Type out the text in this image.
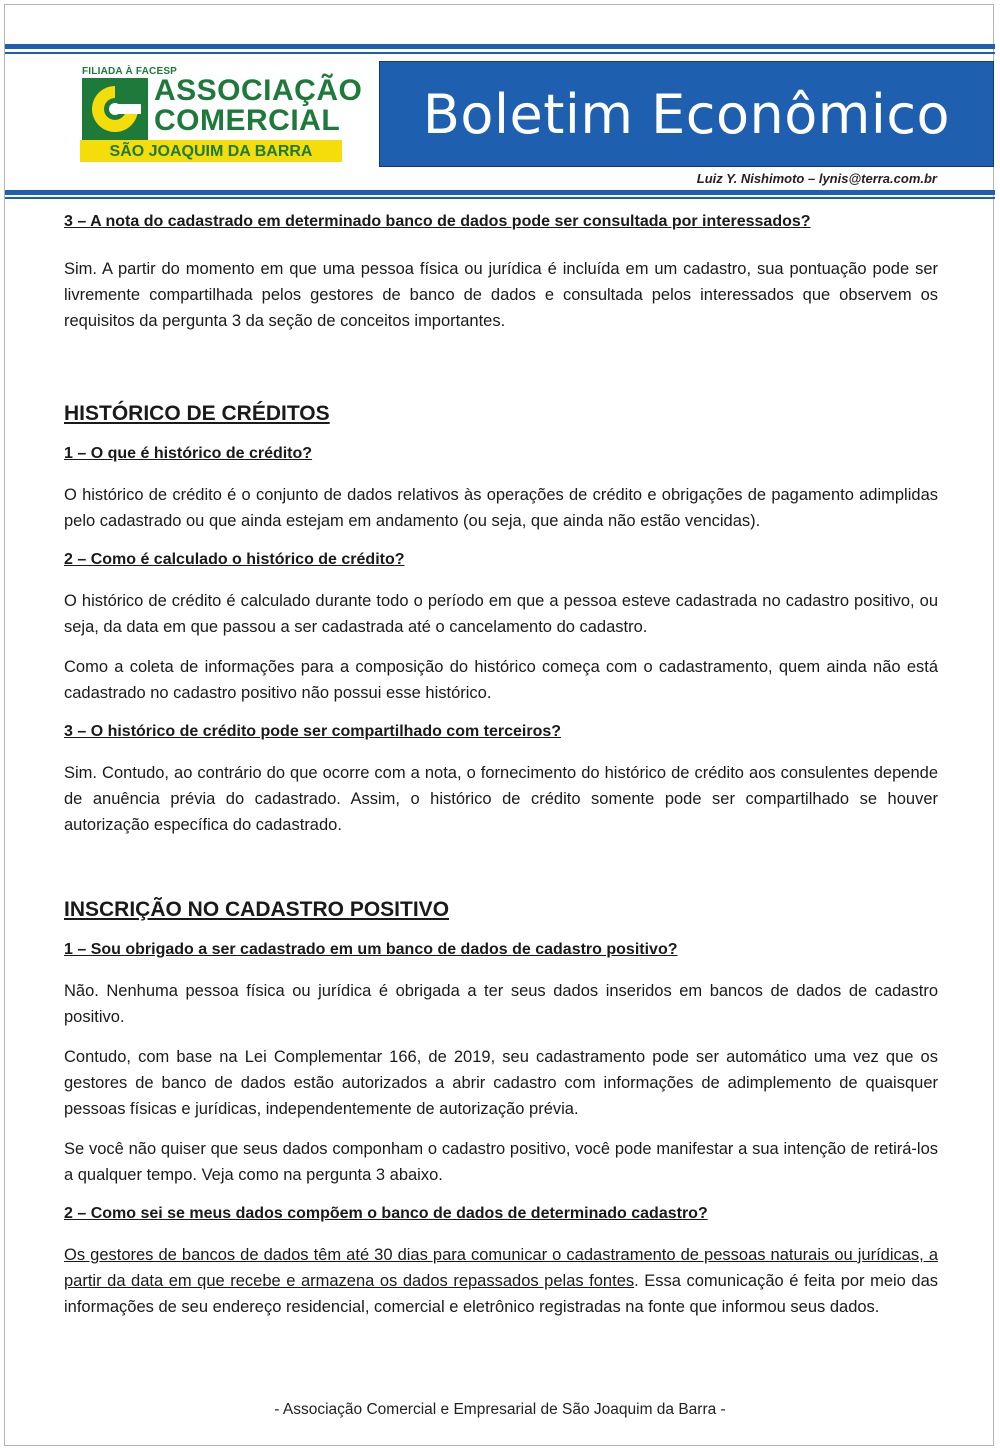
FILIADA À FACESP
ASSOCIAÇÃO
COMERCIAL
SÃO JOAQUIM DA BARRA
Boletim Econômico
Luiz Y. Nishimoto – lynis@terra.com.br

3 – A nota do cadastrado em determinado banco de dados pode ser consultada por interessados?

Sim. A partir do momento em que uma pessoa física ou jurídica é incluída em um cadastro, sua pontuação pode ser livremente compartilhada pelos gestores de banco de dados e consultada pelos interessados que observem os requisitos da pergunta 3 da seção de conceitos importantes.

HISTÓRICO DE CRÉDITOS

1 – O que é histórico de crédito?

O histórico de crédito é o conjunto de dados relativos às operações de crédito e obrigações de pagamento adimplidas pelo cadastrado ou que ainda estejam em andamento (ou seja, que ainda não estão vencidas).

2 – Como é calculado o histórico de crédito?

O histórico de crédito é calculado durante todo o período em que a pessoa esteve cadastrada no cadastro positivo, ou seja, da data em que passou a ser cadastrada até o cancelamento do cadastro.

Como a coleta de informações para a composição do histórico começa com o cadastramento, quem ainda não está cadastrado no cadastro positivo não possui esse histórico.

3 – O histórico de crédito pode ser compartilhado com terceiros?

Sim. Contudo, ao contrário do que ocorre com a nota, o fornecimento do histórico de crédito aos consulentes depende de anuência prévia do cadastrado. Assim, o histórico de crédito somente pode ser compartilhado se houver autorização específica do cadastrado.

INSCRIÇÃO NO CADASTRO POSITIVO

1 – Sou obrigado a ser cadastrado em um banco de dados de cadastro positivo?

Não. Nenhuma pessoa física ou jurídica é obrigada a ter seus dados inseridos em bancos de dados de cadastro positivo.

Contudo, com base na Lei Complementar 166, de 2019, seu cadastramento pode ser automático uma vez que os gestores de banco de dados estão autorizados a abrir cadastro com informações de adimplemento de quaisquer pessoas físicas e jurídicas, independentemente de autorização prévia.

Se você não quiser que seus dados componham o cadastro positivo, você pode manifestar a sua intenção de retirá-los a qualquer tempo. Veja como na pergunta 3 abaixo.

2 – Como sei se meus dados compõem o banco de dados de determinado cadastro?

Os gestores de bancos de dados têm até 30 dias para comunicar o cadastramento de pessoas naturais ou jurídicas, a partir da data em que recebe e armazena os dados repassados pelas fontes. Essa comunicação é feita por meio das informações de seu endereço residencial, comercial e eletrônico registradas na fonte que informou seus dados.

- Associação Comercial e Empresarial de São Joaquim da Barra -
